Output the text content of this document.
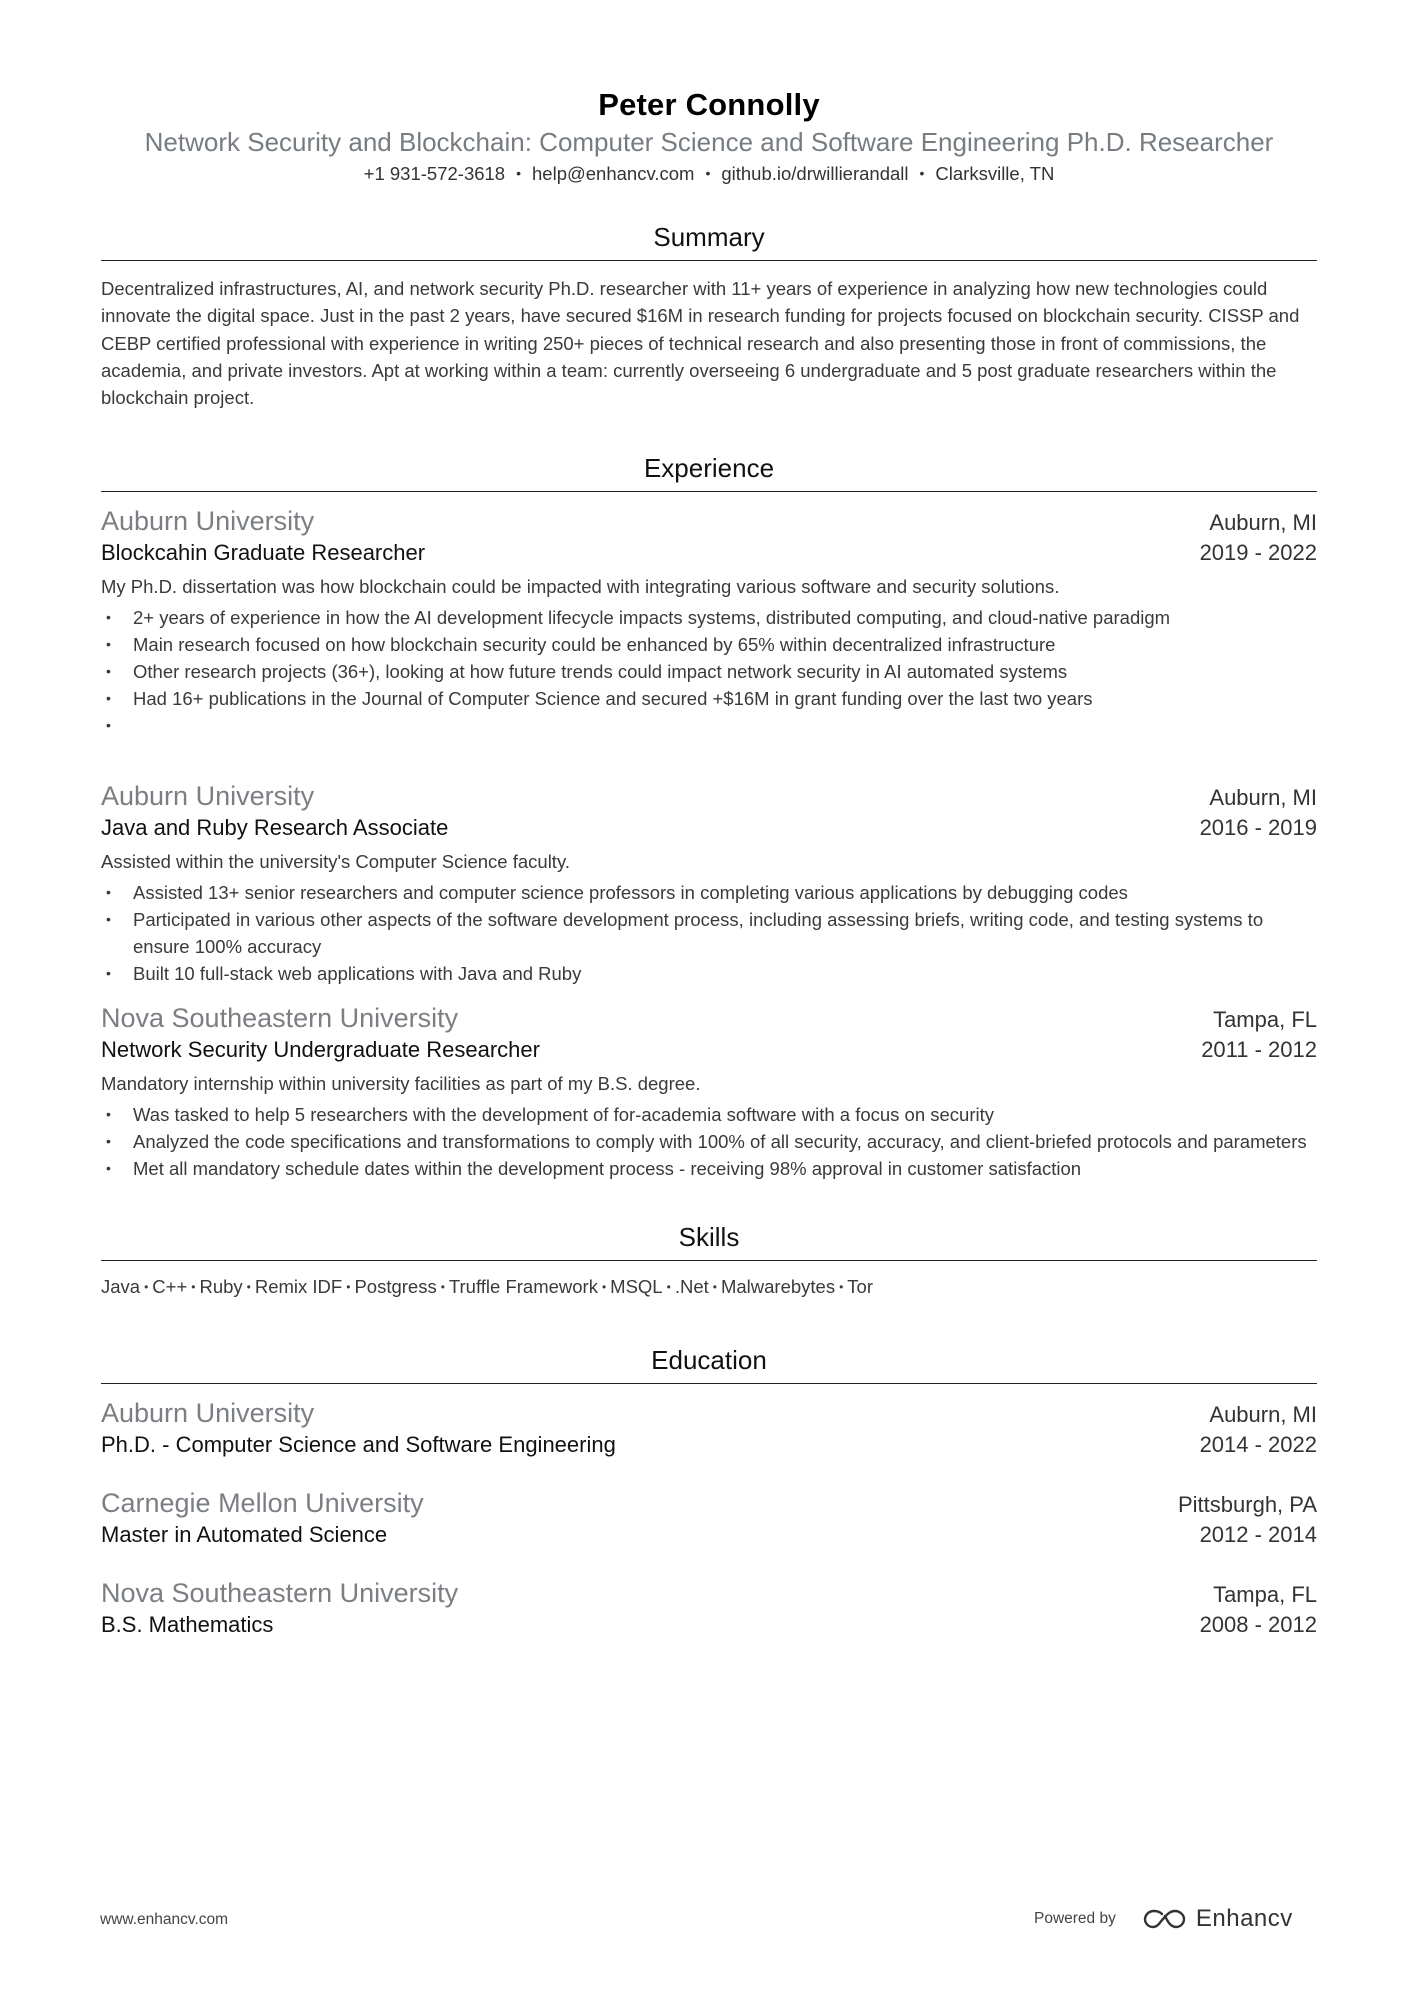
Peter Connolly
Network Security and Blockchain: Computer Science and Software Engineering Ph.D. Researcher
+1 931-572-3618 • help@enhancv.com • github.io/drwillierandall • Clarksville, TN
Summary
Decentralized infrastructures, AI, and network security Ph.D. researcher with 11+ years of experience in analyzing how new technologies could innovate the digital space. Just in the past 2 years, have secured $16M in research funding for projects focused on blockchain security. CISSP and CEBP certified professional with experience in writing 250+ pieces of technical research and also presenting those in front of commissions, the academia, and private investors. Apt at working within a team: currently overseeing 6 undergraduate and 5 post graduate researchers within the blockchain project.
Experience
Auburn University	Auburn, MI
Blockcahin Graduate Researcher	2019 - 2022
My Ph.D. dissertation was how blockchain could be impacted with integrating various software and security solutions.
• 2+ years of experience in how the AI development lifecycle impacts systems, distributed computing, and cloud-native paradigm
• Main research focused on how blockchain security could be enhanced by 65% within decentralized infrastructure
• Other research projects (36+), looking at how future trends could impact network security in AI automated systems
• Had 16+ publications in the Journal of Computer Science and secured +$16M in grant funding over the last two years
•
Auburn University	Auburn, MI
Java and Ruby Research Associate	2016 - 2019
Assisted within the university's Computer Science faculty.
• Assisted 13+ senior researchers and computer science professors in completing various applications by debugging codes
• Participated in various other aspects of the software development process, including assessing briefs, writing code, and testing systems to ensure 100% accuracy
• Built 10 full-stack web applications with Java and Ruby
Nova Southeastern University	Tampa, FL
Network Security Undergraduate Researcher	2011 - 2012
Mandatory internship within university facilities as part of my B.S. degree.
• Was tasked to help 5 researchers with the development of for-academia software with a focus on security
• Analyzed the code specifications and transformations to comply with 100% of all security, accuracy, and client-briefed protocols and parameters
• Met all mandatory schedule dates within the development process - receiving 98% approval in customer satisfaction
Skills
Java • C++ • Ruby • Remix IDF • Postgress • Truffle Framework • MSQL • .Net • Malwarebytes • Tor
Education
Auburn University	Auburn, MI
Ph.D. - Computer Science and Software Engineering	2014 - 2022
Carnegie Mellon University	Pittsburgh, PA
Master in Automated Science	2012 - 2014
Nova Southeastern University	Tampa, FL
B.S. Mathematics	2008 - 2012
www.enhancv.com	Powered by	Enhancv
